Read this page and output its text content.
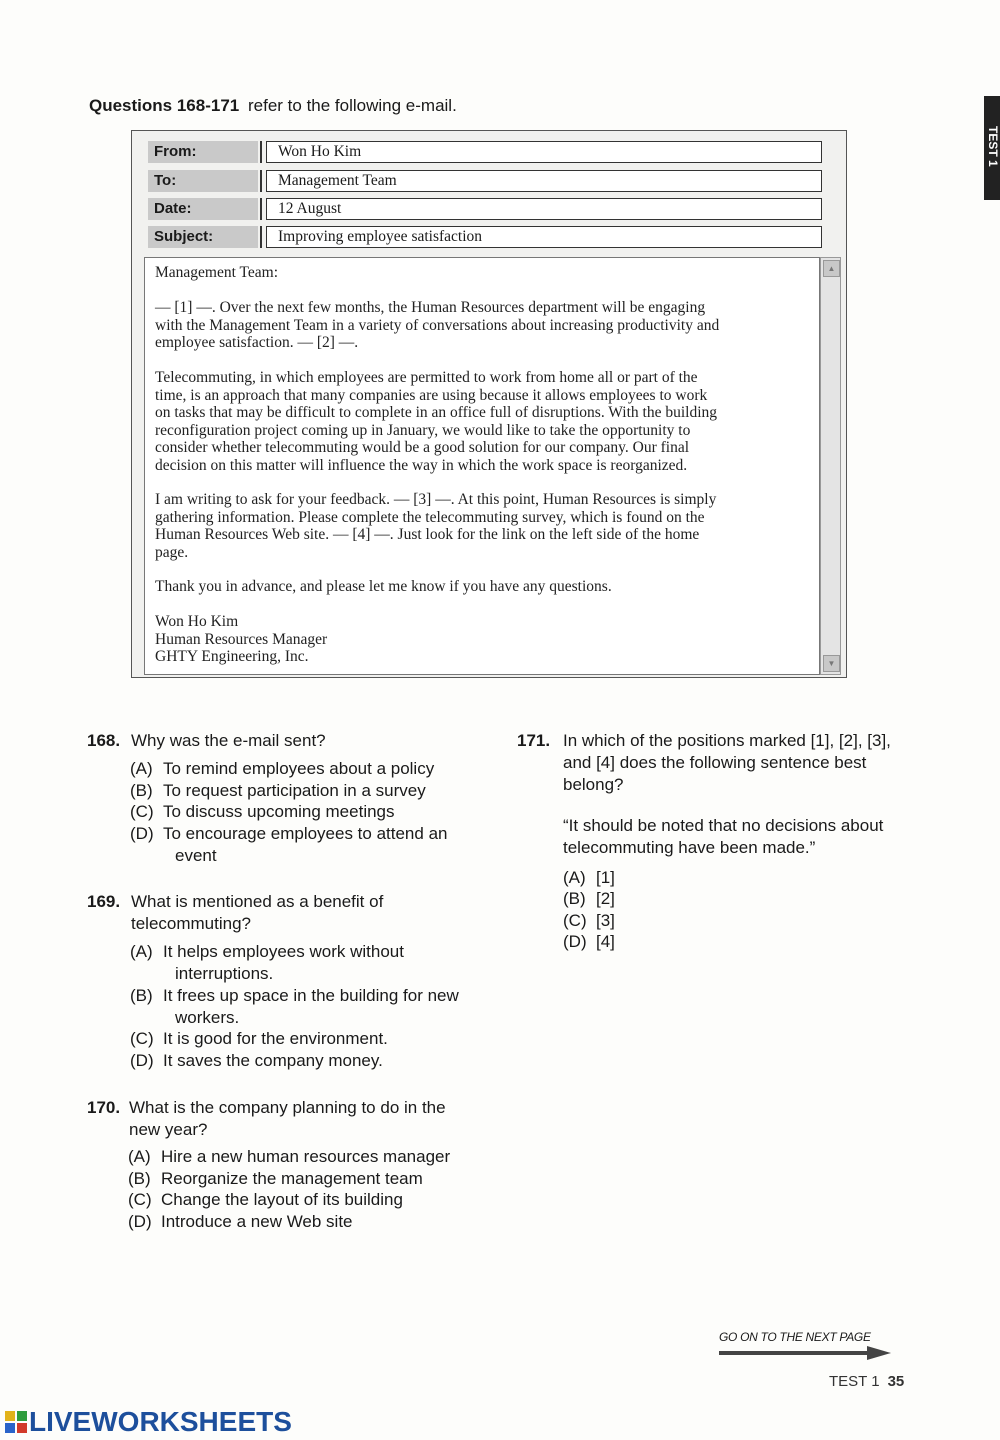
Questions 168-171 refer to the following e-mail.
TEST 1
From:	Won Ho Kim
To:	Management Team
Date:	12 August
Subject:	Improving employee satisfaction

Management Team:

— [1] —. Over the next few months, the Human Resources department will be engaging
with the Management Team in a variety of conversations about increasing productivity and
employee satisfaction. — [2] —.

Telecommuting, in which employees are permitted to work from home all or part of the
time, is an approach that many companies are using because it allows employees to work
on tasks that may be difficult to complete in an office full of disruptions. With the building
reconfiguration project coming up in January, we would like to take the opportunity to
consider whether telecommuting would be a good solution for our company. Our final
decision on this matter will influence the way in which the work space is reorganized.

I am writing to ask for your feedback. — [3] —. At this point, Human Resources is simply
gathering information. Please complete the telecommuting survey, which is found on the
Human Resources Web site. — [4] —. Just look for the link on the left side of the home
page.

Thank you in advance, and please let me know if you have any questions.

Won Ho Kim
Human Resources Manager
GHTY Engineering, Inc.

▲
▼
168. Why was the e-mail sent?
(A) To remind employees about a policy
(B) To request participation in a survey
(C) To discuss upcoming meetings
(D) To encourage employees to attend an
event
169. What is mentioned as a benefit of
telecommuting?
(A) It helps employees work without
interruptions.
(B) It frees up space in the building for new
workers.
(C) It is good for the environment.
(D) It saves the company money.
170. What is the company planning to do in the
new year?
(A) Hire a new human resources manager
(B) Reorganize the management team
(C) Change the layout of its building
(D) Introduce a new Web site
171. In which of the positions marked [1], [2], [3],
and [4] does the following sentence best
belong?
“It should be noted that no decisions about
telecommuting have been made.”
(A) [1]
(B) [2]
(C) [3]
(D) [4]
GO ON TO THE NEXT PAGE
TEST 1 35
LIVEWORKSHEETS
